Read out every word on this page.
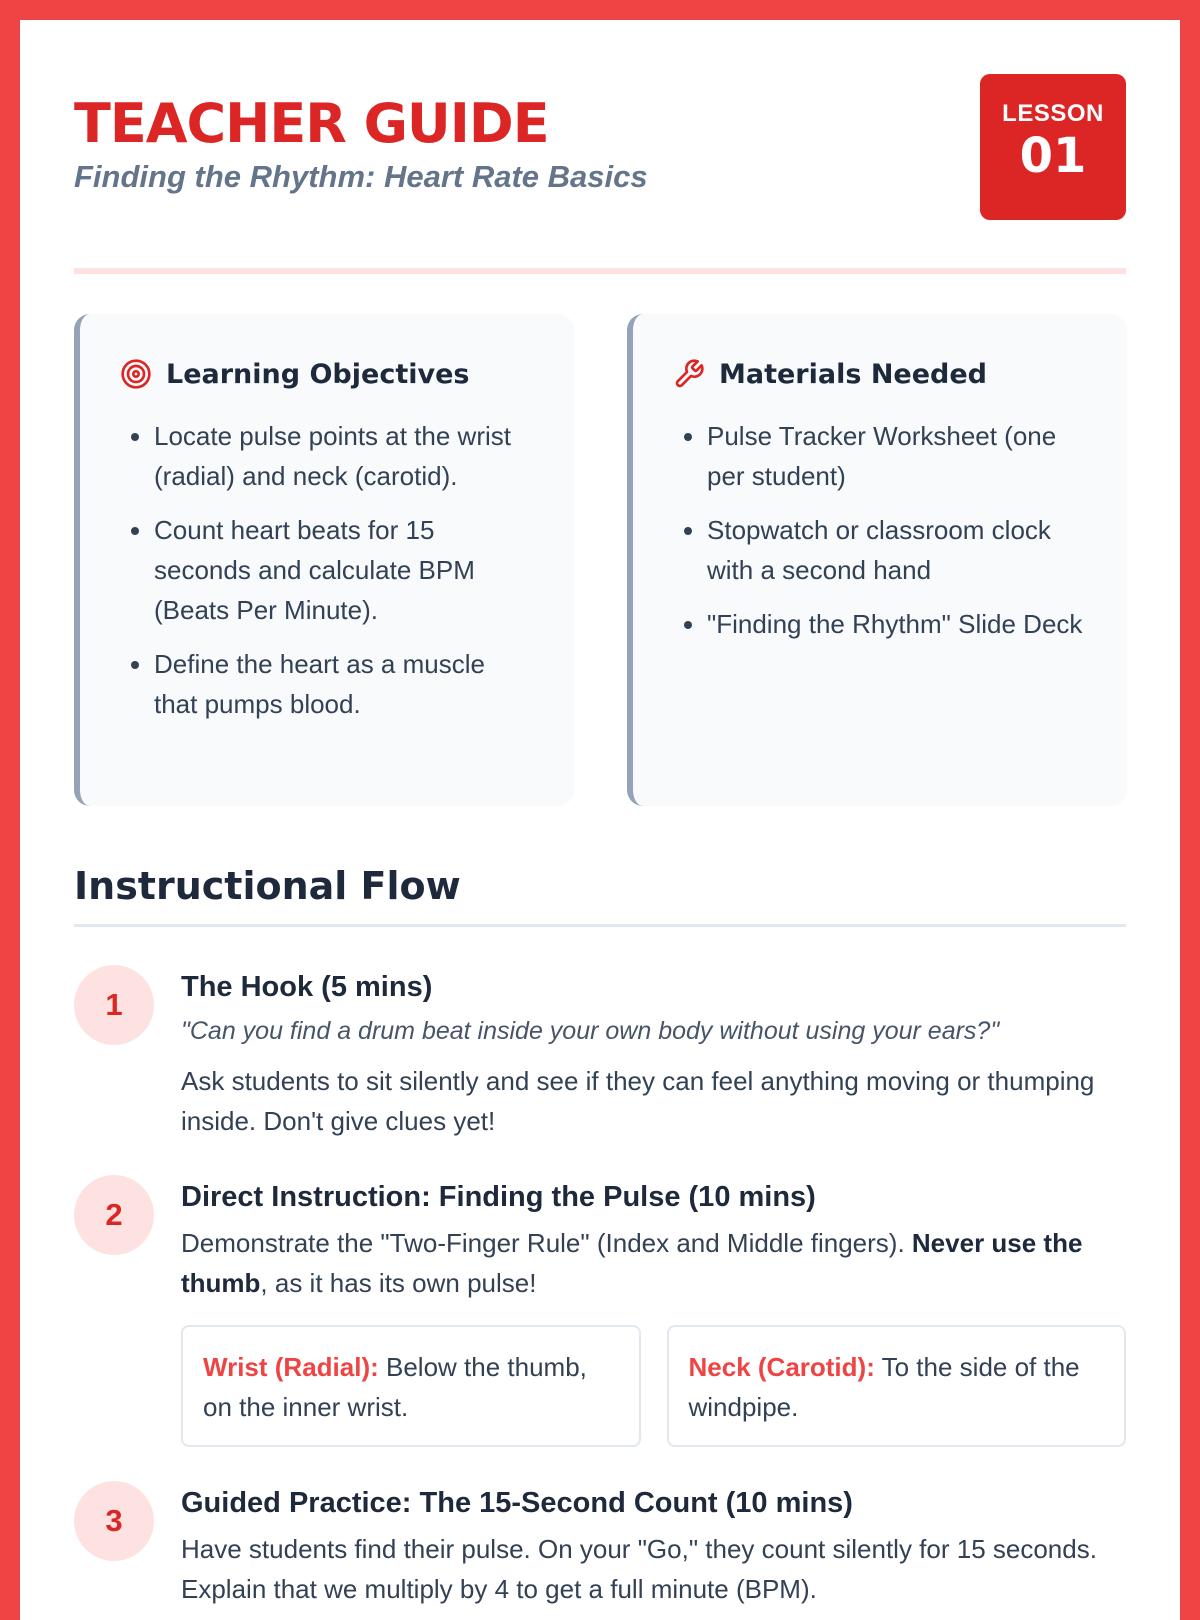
TEACHER GUIDE
Finding the Rhythm: Heart Rate Basics
LESSON
01
Learning Objectives
• Locate pulse points at the wrist (radial) and neck (carotid).
• Count heart beats for 15 seconds and calculate BPM (Beats Per Minute).
• Define the heart as a muscle that pumps blood.
Materials Needed
• Pulse Tracker Worksheet (one per student)
• Stopwatch or classroom clock with a second hand
• "Finding the Rhythm" Slide Deck
Instructional Flow
1	The Hook (5 mins)
"Can you find a drum beat inside your own body without using your ears?"
Ask students to sit silently and see if they can feel anything moving or thumping inside. Don't give clues yet!
2	Direct Instruction: Finding the Pulse (10 mins)
Demonstrate the "Two-Finger Rule" (Index and Middle fingers). Never use the thumb, as it has its own pulse!
Wrist (Radial): Below the thumb, on the inner wrist.
Neck (Carotid): To the side of the windpipe.
3	Guided Practice: The 15-Second Count (10 mins)
Have students find their pulse. On your "Go," they count silently for 15 seconds. Explain that we multiply by 4 to get a full minute (BPM).
